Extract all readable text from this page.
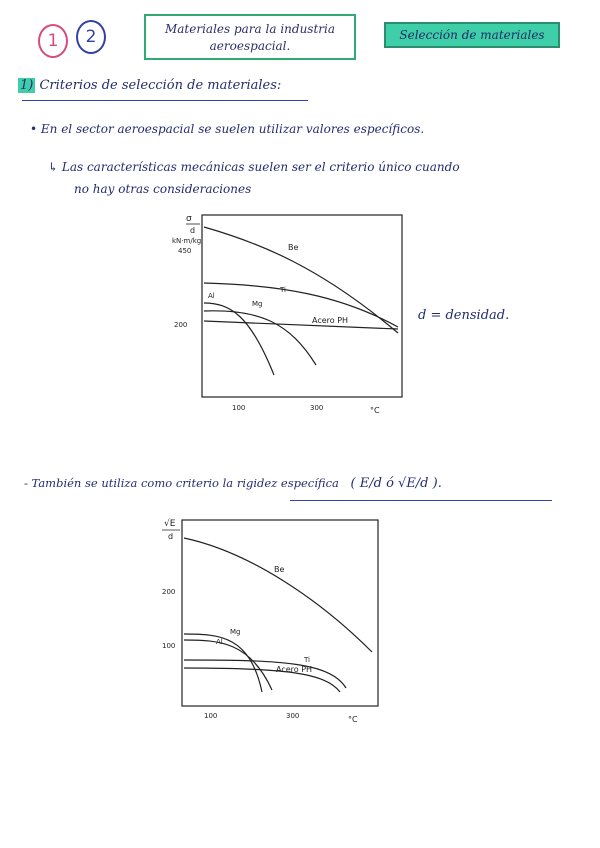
1 2	Materiales para la industria
aeroespacial.
Selección de materiales
1) Criterios de selección de materiales:
• En el sector aeroespacial se suelen utilizar valores específicos.
↳ Las características mecánicas suelen ser el criterio único cuando
no hay otras consideraciones
d = densidad.
σ
d
kN·m/kg
450
200
Be
Ti
Al
Mg
Acero PH
100	300	°C
- También se utiliza como criterio la rigidez específica ( E/d ó √E/d ).
√E
d
200
100
Be
Mg
Al
Ti
Acero PH
100	300	°C
